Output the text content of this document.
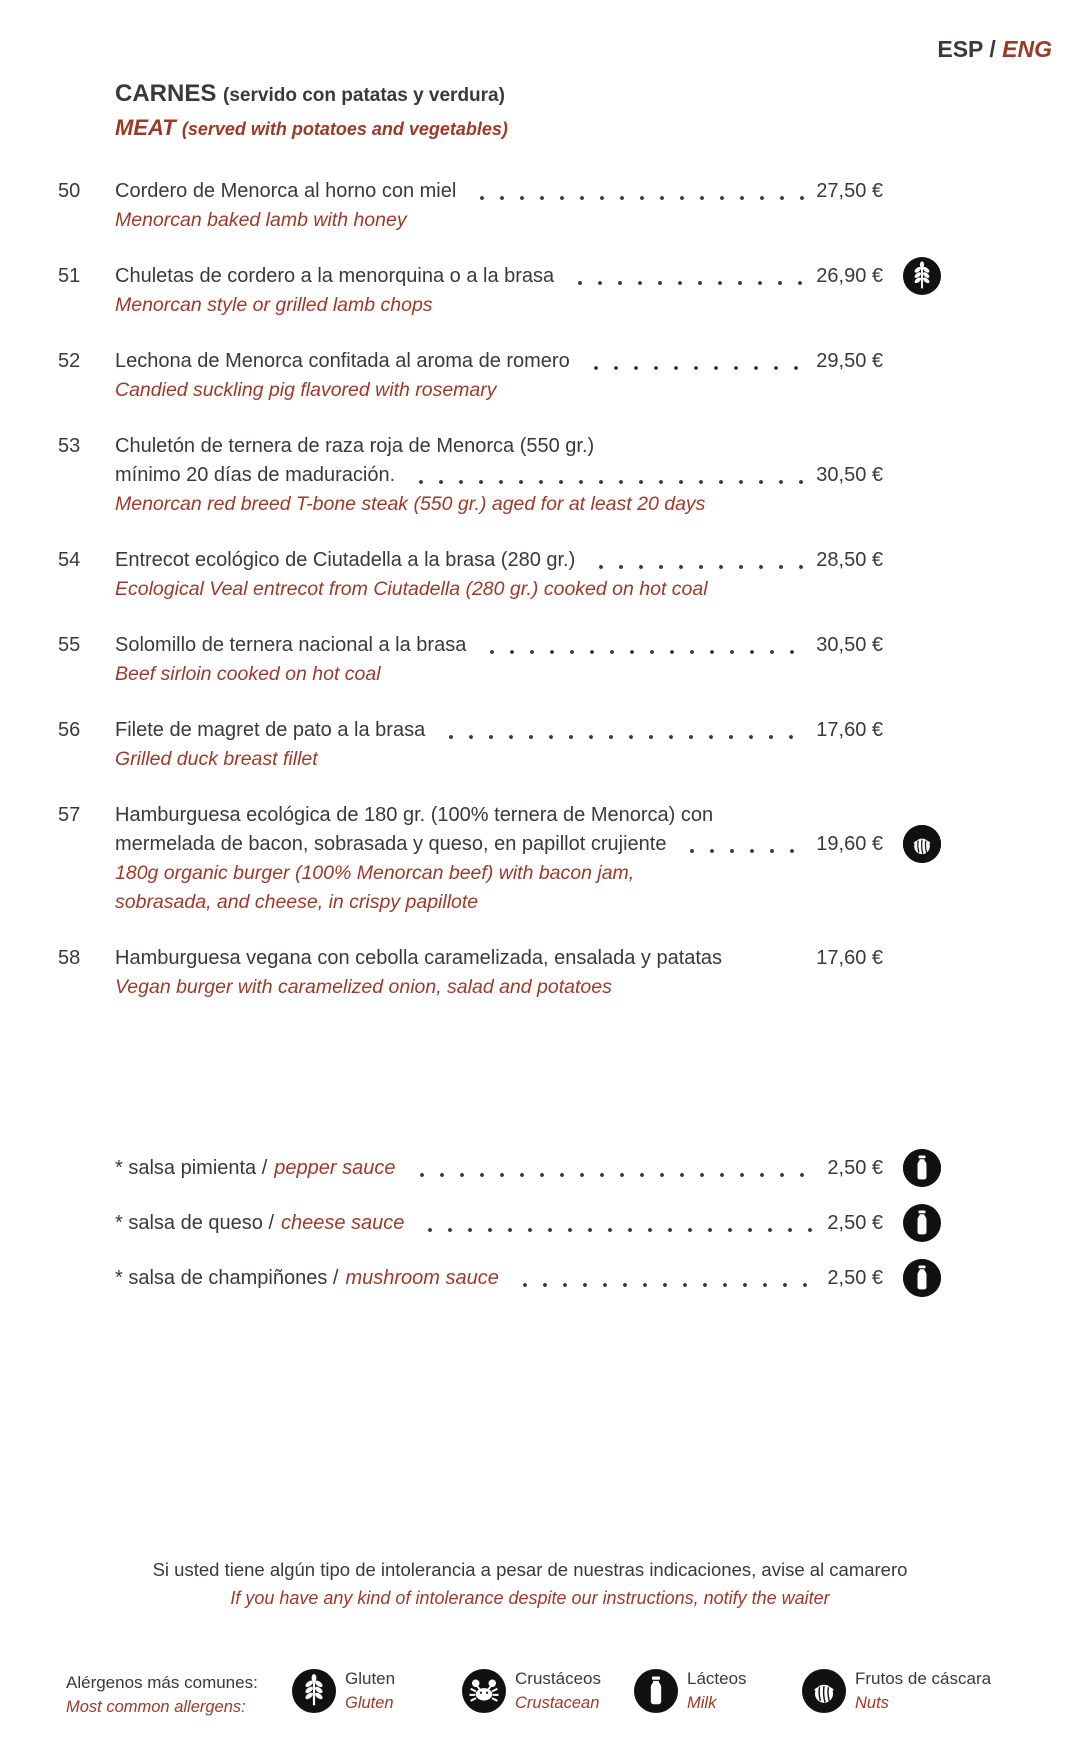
ESP / ENG
CARNES (servido con patatas y verdura)
MEAT (served with potatoes and vegetables)
50	Cordero de Menorca al horno con miel	27,50 €
Menorcan baked lamb with honey
51	Chuletas de cordero a la menorquina o a la brasa	26,90 €
Menorcan style or grilled lamb chops
52	Lechona de Menorca confitada al aroma de romero	29,50 €
Candied suckling pig flavored with rosemary
53	Chuletón de ternera de raza roja de Menorca (550 gr.)
mínimo 20 días de maduración.	30,50 €
Menorcan red breed T-bone steak (550 gr.) aged for at least 20 days
54	Entrecot ecológico de Ciutadella a la brasa (280 gr.)	28,50 €
Ecological Veal entrecot from Ciutadella (280 gr.) cooked on hot coal
55	Solomillo de ternera nacional a la brasa	30,50 €
Beef sirloin cooked on hot coal
56	Filete de magret de pato a la brasa	17,60 €
Grilled duck breast fillet
57	Hamburguesa ecológica de 180 gr. (100% ternera de Menorca) con
mermelada de bacon, sobrasada y queso, en papillot crujiente	19,60 €
180g organic burger (100% Menorcan beef) with bacon jam,
sobrasada, and cheese, in crispy papillote
58	Hamburguesa vegana con cebolla caramelizada, ensalada y patatas	17,60 €
Vegan burger with caramelized onion, salad and potatoes
* salsa pimienta / pepper sauce	2,50 €
* salsa de queso / cheese sauce	2,50 €
* salsa de champiñones / mushroom sauce	2,50 €
Si usted tiene algún tipo de intolerancia a pesar de nuestras indicaciones, avise al camarero
If you have any kind of intolerance despite our instructions, notify the waiter
Alérgenos más comunes:
Most common allergens:
Gluten
Gluten
Crustáceos
Crustacean
Lácteos
Milk
Frutos de cáscara
Nuts
